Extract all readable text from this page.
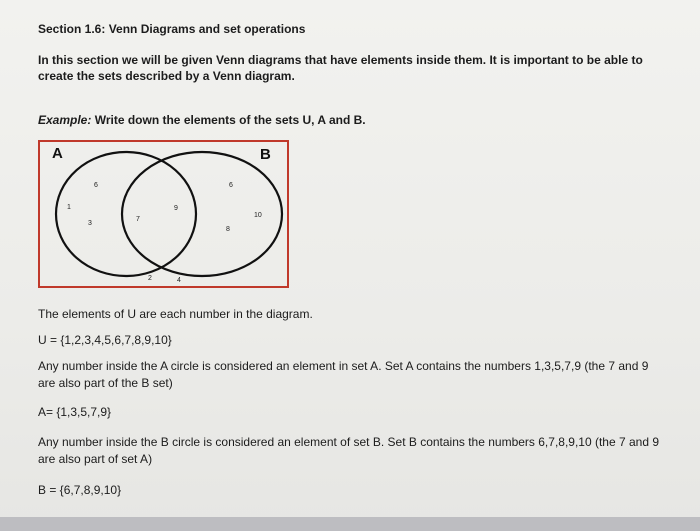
Section 1.6: Venn Diagrams and set operations

In this section we will be given Venn diagrams that have elements inside them. It is important to be able to create the sets described by a Venn diagram.

Example: Write down the elements of the sets U, A and B.

A	B
6
1
3
7
9
6
10
8
2	4

The elements of U are each number in the diagram.

U = {1,2,3,4,5,6,7,8,9,10}

Any number inside the A circle is considered an element in set A. Set A contains the numbers 1,3,5,7,9 (the 7 and 9 are also part of the B set)

A= {1,3,5,7,9}

Any number inside the B circle is considered an element of set B. Set B contains the numbers 6,7,8,9,10 (the 7 and 9 are also part of set A)

B = {6,7,8,9,10}
